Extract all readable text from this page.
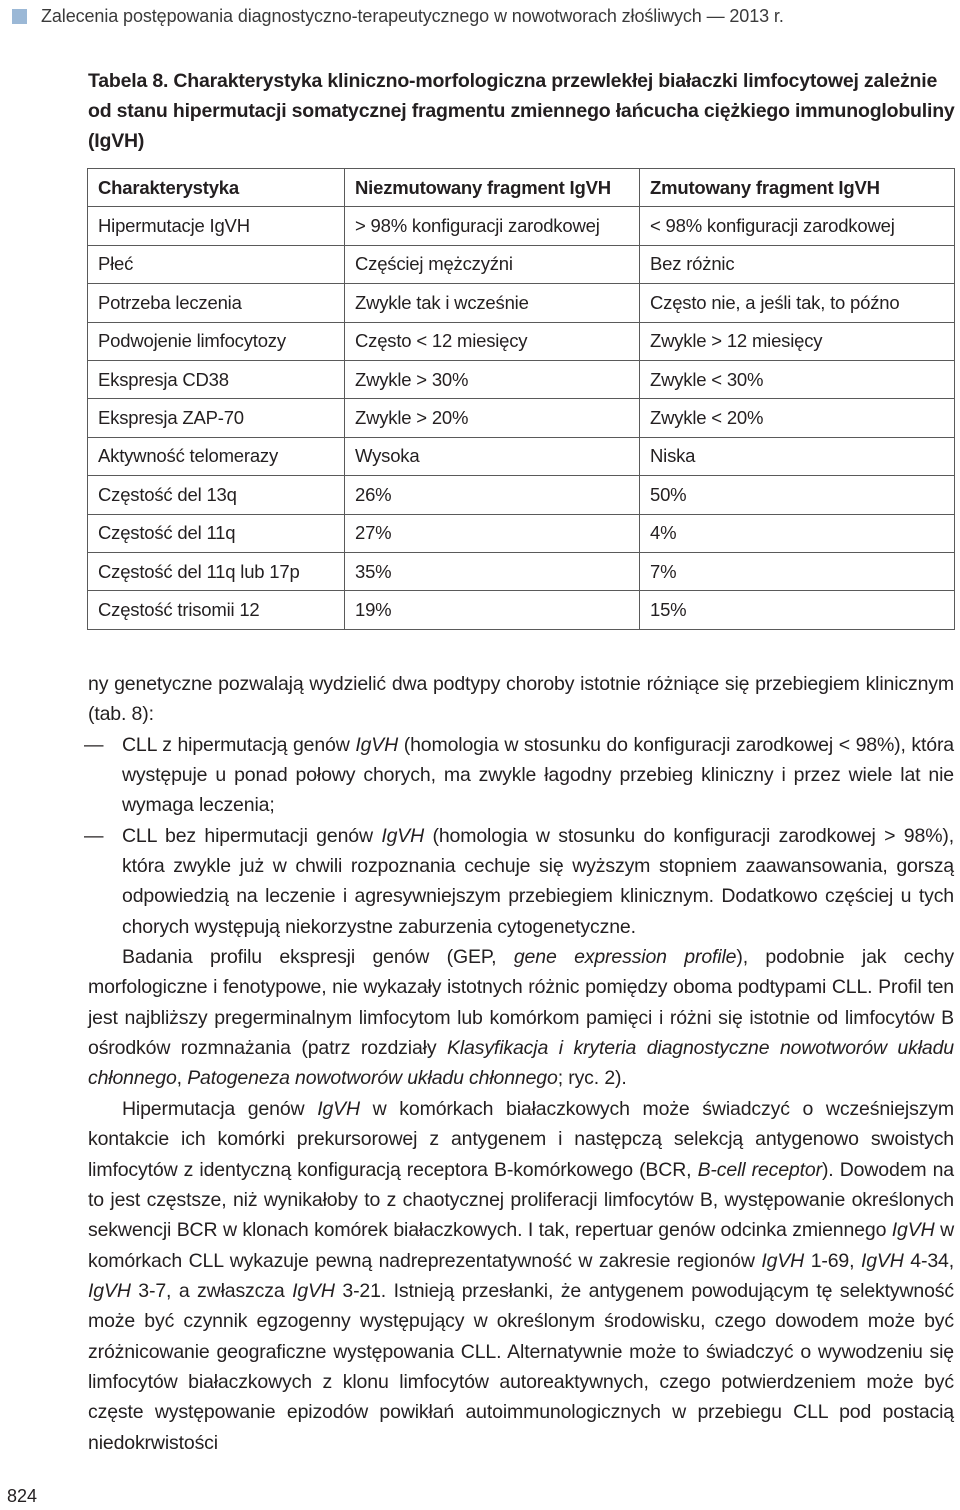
Zalecenia postępowania diagnostyczno-terapeutycznego w nowotworach złośliwych — 2013 r.
Tabela 8. Charakterystyka kliniczno-morfologiczna przewlekłej białaczki limfocytowej zależnie od stanu hipermutacji somatycznej fragmentu zmiennego łańcucha ciężkiego immunoglobuliny (IgVH)
Charakterystyka	Niezmutowany fragment IgVH	Zmutowany fragment IgVH
Hipermutacje IgVH	> 98% konfiguracji zarodkowej	< 98% konfiguracji zarodkowej
Płeć	Częściej mężczyźni	Bez różnic
Potrzeba leczenia	Zwykle tak i wcześnie	Często nie, a jeśli tak, to późno
Podwojenie limfocytozy	Często < 12 miesięcy	Zwykle > 12 miesięcy
Ekspresja CD38	Zwykle > 30%	Zwykle < 30%
Ekspresja ZAP-70	Zwykle > 20%	Zwykle < 20%
Aktywność telomerazy	Wysoka	Niska
Częstość del 13q	26%	50%
Częstość del 11q	27%	4%
Częstość del 11q lub 17p	35%	7%
Częstość trisomii 12	19%	15%

ny genetyczne pozwalają wydzielić dwa podtypy choroby istotnie różniące się przebiegiem klinicznym (tab. 8):

— CLL z hipermutacją genów IgVH (homologia w stosunku do konfiguracji zarodkowej < 98%), która występuje u ponad połowy chorych, ma zwykle łagodny przebieg kliniczny i przez wiele lat nie wymaga leczenia;

— CLL bez hipermutacji genów IgVH (homologia w stosunku do konfiguracji zarodkowej > 98%), która zwykle już w chwili rozpoznania cechuje się wyższym stopniem zaawansowania, gorszą odpowiedzią na leczenie i agresywniejszym przebiegiem klinicznym. Dodatkowo częściej u tych chorych występują niekorzystne zaburzenia cytogenetyczne.

Badania profilu ekspresji genów (GEP, gene expression profile), podobnie jak cechy morfologiczne i fenotypowe, nie wykazały istotnych różnic pomiędzy oboma podtypami CLL. Profil ten jest najbliższy pregerminalnym limfocytom lub komórkom pamięci i różni się istotnie od limfocytów B ośrodków rozmnażania (patrz rozdziały Klasyfikacja i kryteria diagnostyczne nowotworów układu chłonnego, Patogeneza nowotworów układu chłonnego; ryc. 2).

Hipermutacja genów IgVH w komórkach białaczkowych może świadczyć o wcześniejszym kontakcie ich komórki prekursorowej z antygenem i następczą selekcją antygenowo swoistych limfocytów z identyczną konfiguracją receptora B-komórkowego (BCR, B-cell receptor). Dowodem na to jest częstsze, niż wynikałoby to z chaotycznej proliferacji limfocytów B, występowanie określonych sekwencji BCR w klonach komórek białaczkowych. I tak, repertuar genów odcinka zmiennego IgVH w komórkach CLL wykazuje pewną nadreprezentatywność w zakresie regionów IgVH 1-69, IgVH 4-34, IgVH 3-7, a zwłaszcza IgVH 3-21. Istnieją przesłanki, że antygenem powodującym tę selektywność może być czynnik egzogenny występujący w określonym środowisku, czego dowodem może być zróżnicowanie geograficzne występowania CLL. Alternatywnie może to świadczyć o wywodzeniu się limfocytów białaczkowych z klonu limfocytów autoreaktywnych, czego potwierdzeniem może być częste występowanie epizodów powikłań autoimmunologicznych w przebiegu CLL pod postacią niedokrwistości

824
